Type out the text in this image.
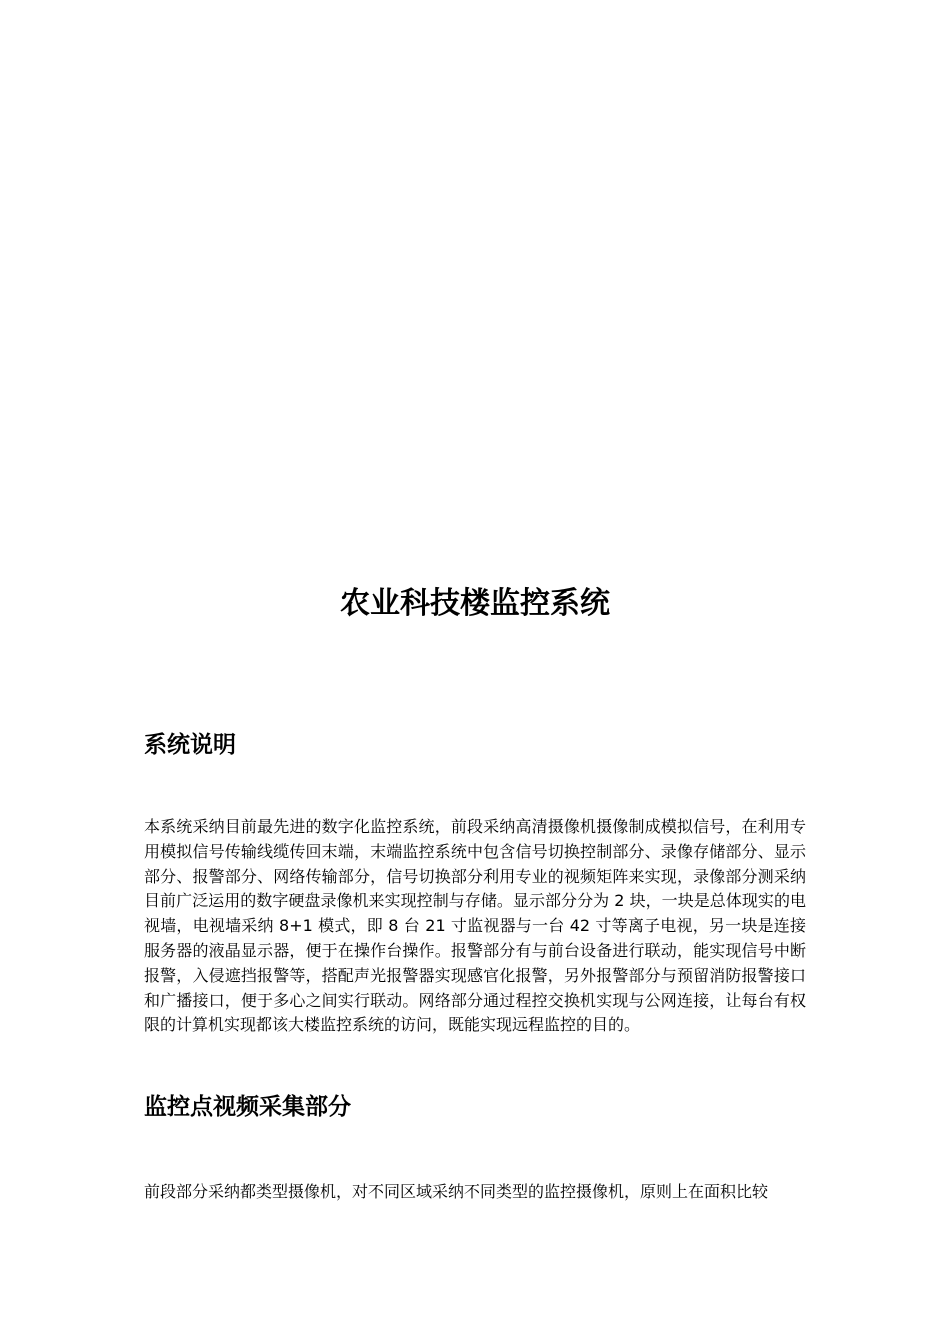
农业科技楼监控系统
系统说明

本系统采纳目前最先进的数字化监控系统，前段采纳高清摄像机摄像制成模拟信号，在利用专用模拟信号传输线缆传回末端，末端监控系统中包含信号切换控制部分、录像存储部分、显示部分、报警部分、网络传输部分，信号切换部分利用专业的视频矩阵来实现，录像部分测采纳目前广泛运用的数字硬盘录像机来实现控制与存储。显示部分分为 2 块，一块是总体现实的电视墙，电视墙采纳 8+1 模式，即 8 台 21 寸监视器与一台 42 寸等离子电视，另一块是连接服务器的液晶显示器，便于在操作台操作。报警部分有与前台设备进行联动，能实现信号中断报警，入侵遮挡报警等，搭配声光报警器实现感官化报警，另外报警部分与预留消防报警接口和广播接口，便于多心之间实行联动。网络部分通过程控交换机实现与公网连接，让每台有权限的计算机实现都该大楼监控系统的访问，既能实现远程监控的目的。

监控点视频采集部分

前段部分采纳都类型摄像机，对不同区域采纳不同类型的监控摄像机，原则上在面积比较
